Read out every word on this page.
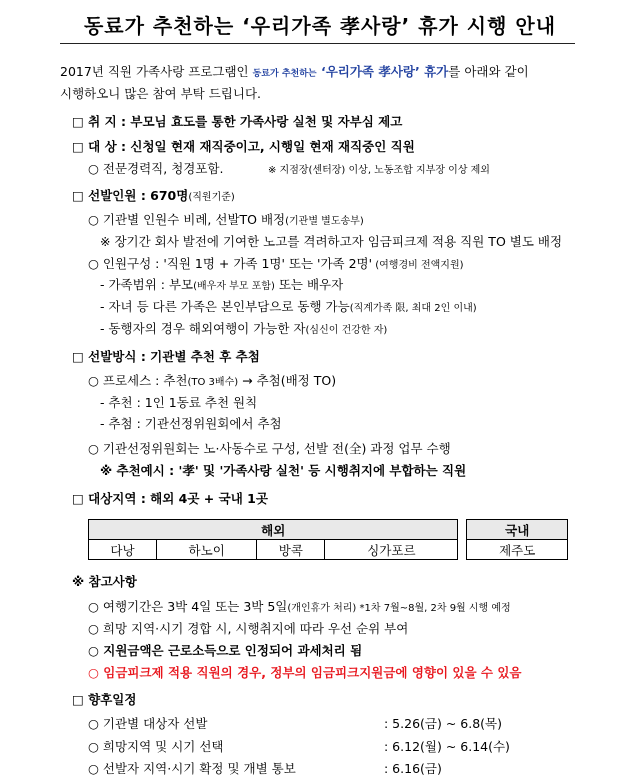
동료가 추천하는 ‘우리가족 孝사랑’ 휴가 시행 안내
2017년 직원 가족사랑 프로그램인 동료가 추천하는 ‘우리가족 孝사랑’ 휴가를 아래와 같이
시행하오니 많은 참여 부탁 드립니다.
□ 취 지 : 부모님 효도를 통한 가족사랑 실천 및 자부심 제고
□ 대 상 : 신청일 현재 재직중이고, 시행일 현재 재직중인 직원
○ 전문경력직, 청경포함.	※ 지점장(센터장) 이상, 노동조합 지부장 이상 제외
□ 선발인원 : 670명(직원기준)
○ 기관별 인원수 비례, 선발TO 배정(기관별 별도송부)
※ 장기간 회사 발전에 기여한 노고를 격려하고자 임금피크제 적용 직원 TO 별도 배정
○ 인원구성 : '직원 1명 + 가족 1명' 또는 '가족 2명' (여행경비 전액지원)
- 가족범위 : 부모(배우자 부모 포함) 또는 배우자
- 자녀 등 다른 가족은 본인부담으로 동행 가능(직계가족 限, 최대 2인 이내)
- 동행자의 경우 해외여행이 가능한 자(심신이 건강한 자)
□ 선발방식 : 기관별 추천 후 추첨
○ 프로세스 : 추천(TO 3배수) → 추첨(배정 TO)
- 추천 : 1인 1동료 추천 원칙
- 추첨 : 기관선정위원회에서 추첨
○ 기관선정위원회는 노·사동수로 구성, 선발 전(全) 과정 업무 수행
※ 추천예시 : '孝' 및 '가족사랑 실천' 등 시행취지에 부합하는 직원
□ 대상지역 : 해외 4곳 + 국내 1곳
해외					국내
다낭	하노이	방콕	싱가포르		제주도
※ 참고사항
○ 여행기간은 3박 4일 또는 3박 5일(개인휴가 처리) *1차 7월~8월, 2차 9월 시행 예정
○ 희망 지역·시기 경합 시, 시행취지에 따라 우선 순위 부여
○ 지원금액은 근로소득으로 인정되어 과세처리 됨
○ 임금피크제 적용 직원의 경우, 정부의 임금피크지원금에 영향이 있을 수 있음
□ 향후일정
○ 기관별 대상자 선발	: 5.26(금) ~ 6.8(목)
○ 희망지역 및 시기 선택	: 6.12(월) ~ 6.14(수)
○ 선발자 지역·시기 확정 및 개별 통보	: 6.16(금)
